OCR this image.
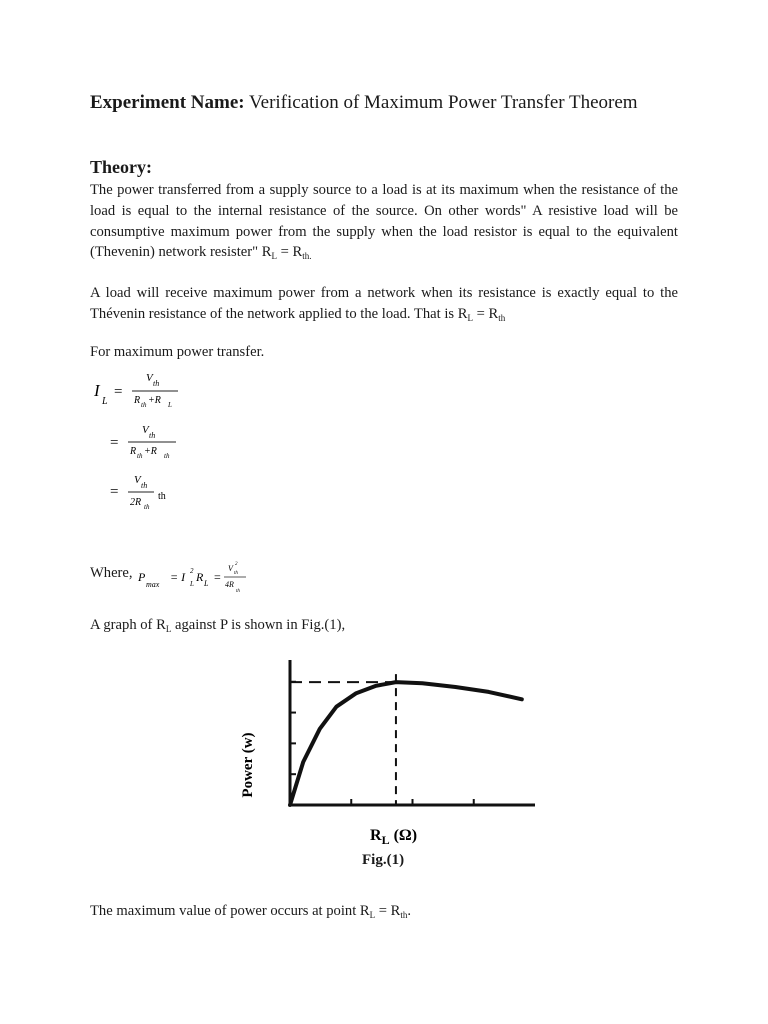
Experiment Name: Verification of Maximum Power Transfer Theorem
Theory:
The power transferred from a supply source to a load is at its maximum when the resistance of the load is equal to the internal resistance of the source. On other words" A resistive load will be consumptive maximum power from the supply when the load resistor is equal to the equivalent (Thevenin) network resister" $R_L = R_{th.}$
A load will receive maximum power from a network when its resistance is exactly equal to the Thévenin resistance of the network applied to the load. That is $R_L = R_{th}$
For maximum power transfer.
I
L
=
V th
R th +R L
=
V th
R th +R th
=
V th
2R th
th
Where, P
max
= I 2
L R L =
V 2
th
4R
th
A graph of $R_L$ against P is shown in Fig.(1),
Power (w)
$R_L$ (Ω)
Fig.(1)
The maximum value of power occurs at point $R_L = R_{th}$.
